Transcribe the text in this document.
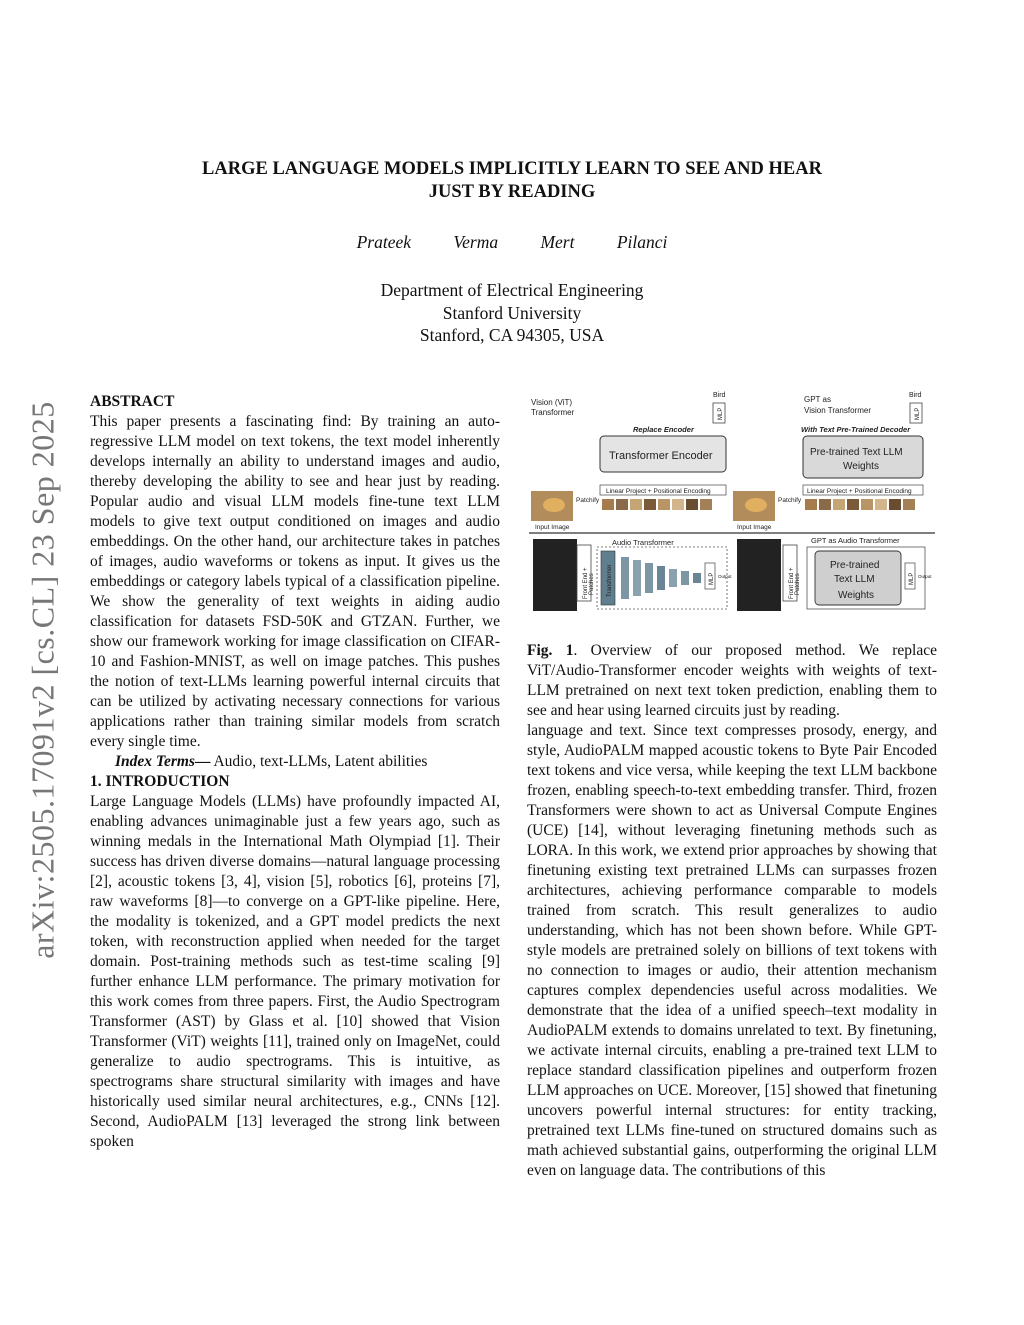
arXiv:2505.17091v2 [cs.CL] 23 Sep 2025
LARGE LANGUAGE MODELS IMPLICITLY LEARN TO SEE AND HEAR
JUST BY READING
Prateek Verma Mert Pilanci
Department of Electrical Engineering
Stanford University
Stanford, CA 94305, USA

ABSTRACT

This paper presents a fascinating find: By training an auto-regressive LLM model on text tokens, the text model inherently develops internally an ability to understand images and audio, thereby developing the ability to see and hear just by reading. Popular audio and visual LLM models fine-tune text LLM models to give text output conditioned on images and audio embeddings. On the other hand, our architecture takes in patches of images, audio waveforms or tokens as input. It gives us the embeddings or category labels typical of a classification pipeline. We show the generality of text weights in aiding audio classification for datasets FSD-50K and GTZAN. Further, we show our framework working for image classification on CIFAR-10 and Fashion-MNIST, as well on image patches. This pushes the notion of text-LLMs learning powerful internal circuits that can be utilized by activating necessary connections for various applications rather than training similar models from scratch every single time.

Index Terms— Audio, text-LLMs, Latent abilities

1. INTRODUCTION

Large Language Models (LLMs) have profoundly impacted AI, enabling advances unimaginable just a few years ago, such as winning medals in the International Math Olympiad [1]. Their success has driven diverse domains—natural language processing [2], acoustic tokens [3, 4], vision [5], robotics [6], proteins [7], raw waveforms [8]—to converge on a GPT-like pipeline. Here, the modality is tokenized, and a GPT model predicts the next token, with reconstruction applied when needed for the target domain. Post-training methods such as test-time scaling [9] further enhance LLM performance. The primary motivation for this work comes from three papers. First, the Audio Spectrogram Transformer (AST) by Glass et al. [10] showed that Vision Transformer (ViT) weights [11], trained only on ImageNet, could generalize to audio spectrograms. This is intuitive, as spectrograms share structural similarity with images and have historically used similar neural architectures, e.g., CNNs [12]. Second, AudioPALM [13] leveraged the strong link between spoken

Vision (ViT)
Transformer
Bird
MLP
Replace Encoder
Transformer Encoder
Patchify
Linear Project + Positional Encoding
Input Image
GPT as
Vision Transformer
Bird
MLP
With Text Pre-Trained Decoder
Pre-trained Text LLM
Weights
Patchify
Linear Project + Positional Encoding
Input Image
Front End + Patches
Audio Transformer
Transformer	MLP Output	Front End + Patches
GPT as Audio Transformer
Pre-trained
Text LLM
Weights
MLP Output

Fig. 1. Overview of our proposed method. We replace ViT/Audio-Transformer encoder weights with weights of text-LLM pretrained on next text token prediction, enabling them to see and hear using learned circuits just by reading.

language and text. Since text compresses prosody, energy, and style, AudioPALM mapped acoustic tokens to Byte Pair Encoded text tokens and vice versa, while keeping the text LLM backbone frozen, enabling speech-to-text embedding transfer. Third, frozen Transformers were shown to act as Universal Compute Engines (UCE) [14], without leveraging finetuning methods such as LORA. In this work, we extend prior approaches by showing that finetuning existing text pretrained LLMs can surpasses frozen architectures, achieving performance comparable to models trained from scratch. This result generalizes to audio understanding, which has not been shown before. While GPT-style models are pretrained solely on billions of text tokens with no connection to images or audio, their attention mechanism captures complex dependencies useful across modalities. We demonstrate that the idea of a unified speech–text modality in AudioPALM extends to domains unrelated to text. By finetuning, we activate internal circuits, enabling a pre-trained text LLM to replace standard classification pipelines and outperform frozen LLM approaches on UCE. Moreover, [15] showed that finetuning uncovers powerful internal structures: for entity tracking, pretrained text LLMs fine-tuned on structured domains such as math achieved substantial gains, outperforming the original LLM even on language data. The contributions of this
